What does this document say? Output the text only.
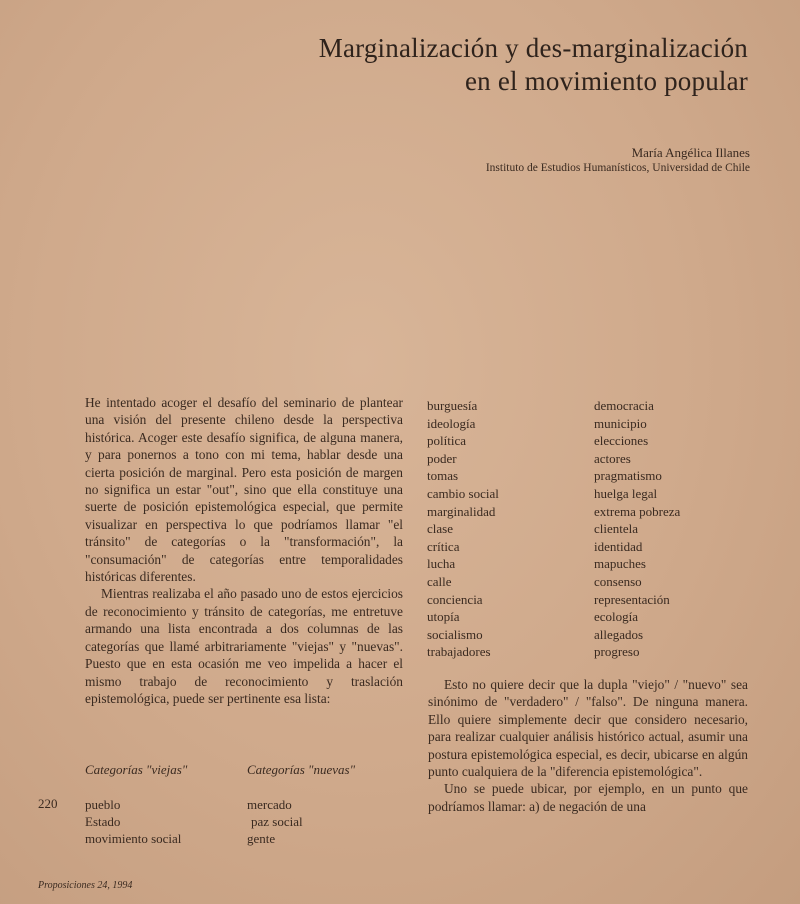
Marginalización y des-marginalización
en el movimiento popular
María Angélica Illanes
Instituto de Estudios Humanísticos, Universidad de Chile

He intentado acoger el desafío del seminario de plantear una visión del presente chileno desde la perspectiva histórica. Acoger este desafío significa, de alguna manera, y para ponernos a tono con mi tema, hablar desde una cierta posición de marginal. Pero esta posición de margen no significa un estar "out", sino que ella constituye una suerte de posición epistemológica especial, que permite visualizar en perspectiva lo que podríamos llamar "el tránsito" de categorías o la "transformación", la "consumación" de categorías entre temporalidades históricas diferentes.

Mientras realizaba el año pasado uno de estos ejercicios de reconocimiento y tránsito de categorías, me entretuve armando una lista encontrada a dos columnas de las categorías que llamé arbitrariamente "viejas" y "nuevas". Puesto que en esta ocasión me veo impelida a hacer el mismo trabajo de reconocimiento y traslación epistemológica, puede ser pertinente esa lista:

Categorías "viejas"	Categorías "nuevas"
220 pueblo	mercado
Estado	paz social
movimiento social	gente
burguesía	democracia
ideología	municipio
política	elecciones
poder	actores
tomas	pragmatismo
cambio social	huelga legal
marginalidad	extrema pobreza
clase	clientela
crítica	identidad
lucha	mapuches
calle	consenso
conciencia	representación
utopía	ecología
socialismo	allegados
trabajadores	progreso

Esto no quiere decir que la dupla "viejo" / "nuevo" sea sinónimo de "verdadero" / "falso". De ninguna manera. Ello quiere simplemente decir que considero necesario, para realizar cualquier análisis histórico actual, asumir una postura epistemológica especial, es decir, ubicarse en algún punto cualquiera de la "diferencia epistemológica".

Uno se puede ubicar, por ejemplo, en un punto que podríamos llamar: a) de negación de una

Proposiciones 24, 1994
